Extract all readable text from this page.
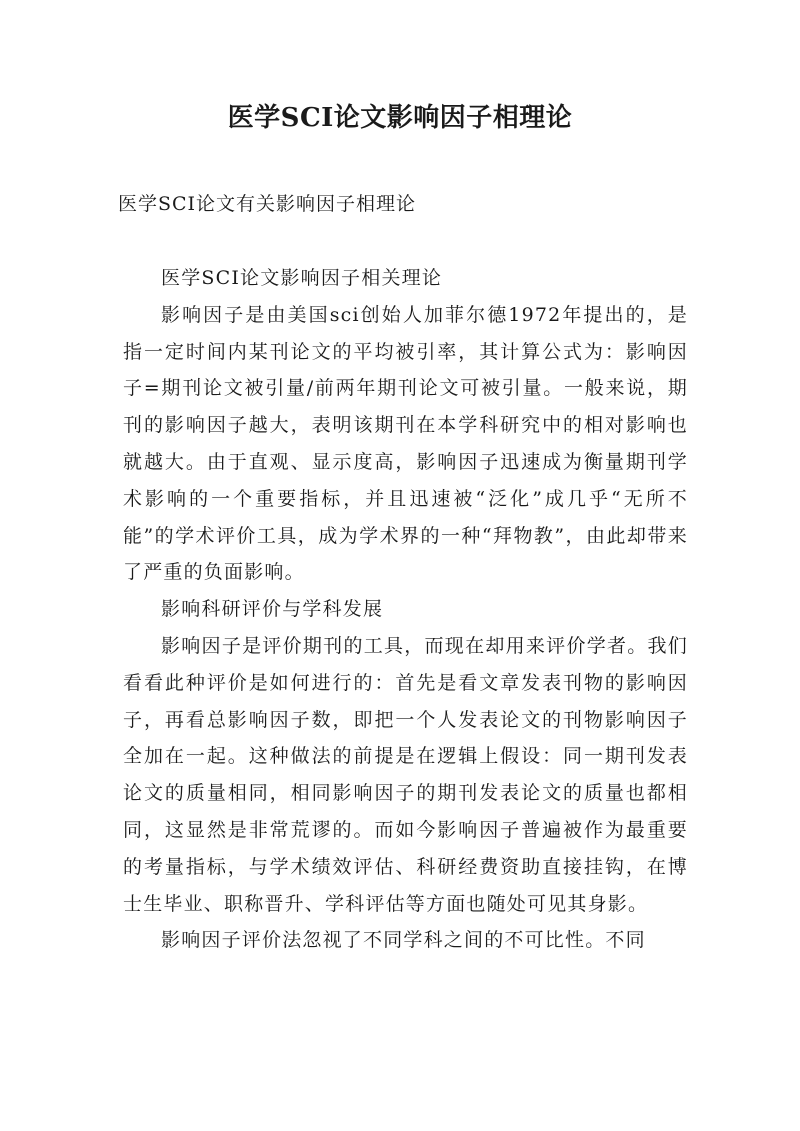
医学SCI论文影响因子相理论
医学SCI论文有关影响因子相理论

医学SCI论文影响因子相关理论

影响因子是由美国sci创始人加菲尔德1972年提出的，是指一定时间内某刊论文的平均被引率，其计算公式为：影响因子=期刊论文被引量/前两年期刊论文可被引量。一般来说，期刊的影响因子越大，表明该期刊在本学科研究中的相对影响也就越大。由于直观、显示度高，影响因子迅速成为衡量期刊学术影响的一个重要指标，并且迅速被“泛化”成几乎“无所不能”的学术评价工具，成为学术界的一种“拜物教”，由此却带来了严重的负面影响。

影响科研评价与学科发展

影响因子是评价期刊的工具，而现在却用来评价学者。我们看看此种评价是如何进行的：首先是看文章发表刊物的影响因子，再看总影响因子数，即把一个人发表论文的刊物影响因子全加在一起。这种做法的前提是在逻辑上假设：同一期刊发表论文的质量相同，相同影响因子的期刊发表论文的质量也都相同，这显然是非常荒谬的。而如今影响因子普遍被作为最重要的考量指标，与学术绩效评估、科研经费资助直接挂钩，在博士生毕业、职称晋升、学科评估等方面也随处可见其身影。

影响因子评价法忽视了不同学科之间的不可比性。不同
